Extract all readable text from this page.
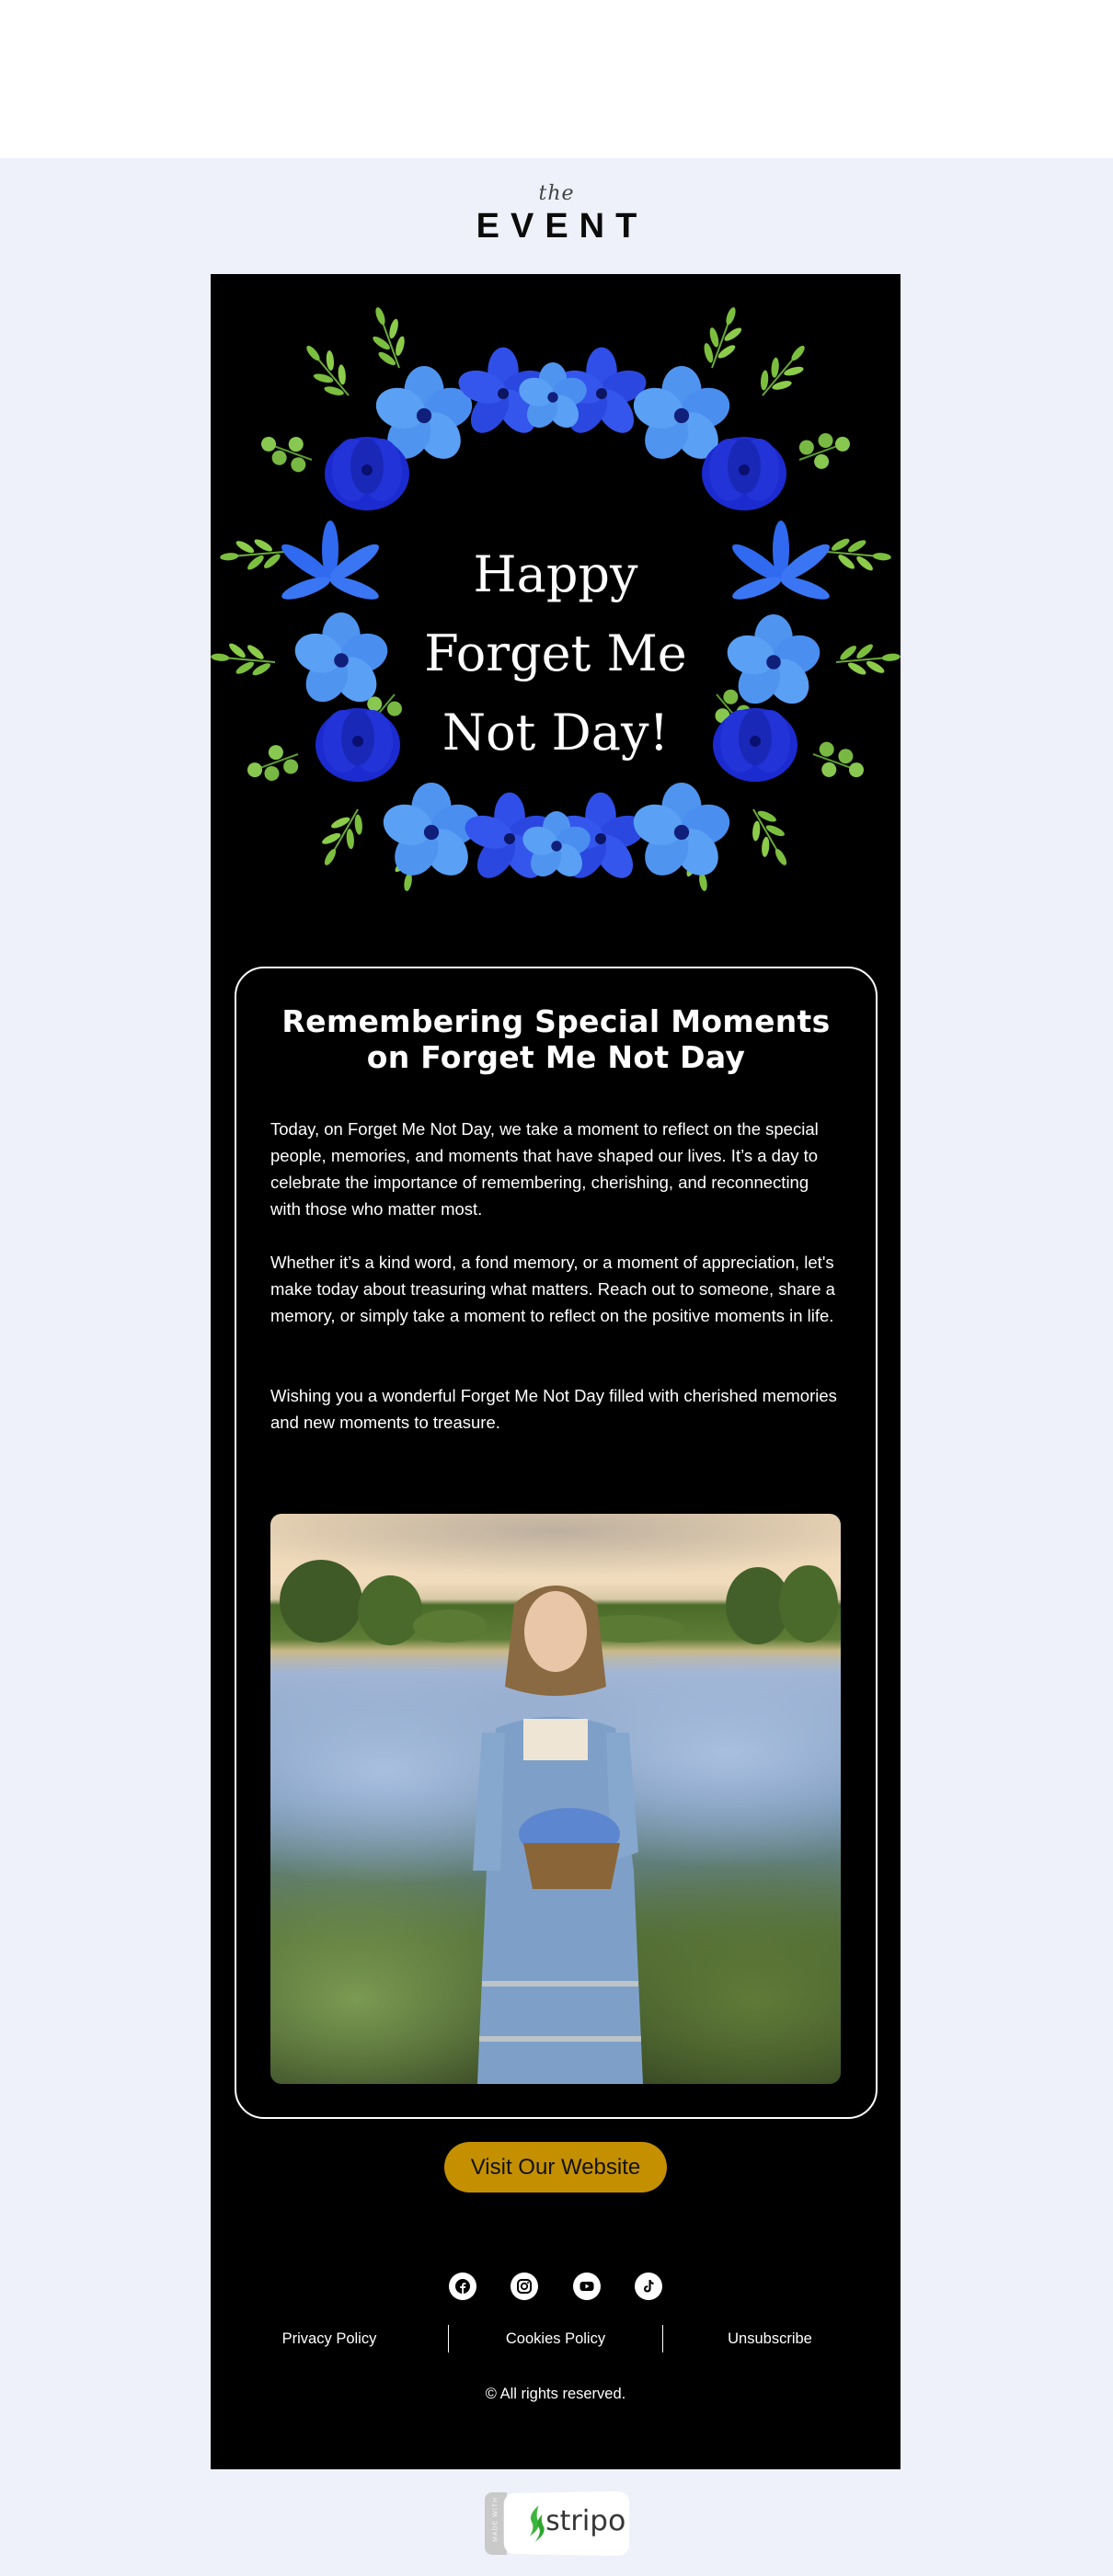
the
EVENT
Happy
Forget Me
Not Day!
Remembering Special Moments
on Forget Me Not Day

Today, on Forget Me Not Day, we take a moment to reflect on the special people, memories, and moments that have shaped our lives. It’s a day to celebrate the importance of remembering, cherishing, and reconnecting with those who matter most.

Whether it’s a kind word, a fond memory, or a moment of appreciation, let's make today about treasuring what matters. Reach out to someone, share a memory, or simply take a moment to reflect on the positive moments in life.

Wishing you a wonderful Forget Me Not Day filled with cherished memories and new moments to treasure.

Visit Our Website
Privacy Policy	Cookies Policy	Unsubscribe
© All rights reserved.
MADE WITH stripo
